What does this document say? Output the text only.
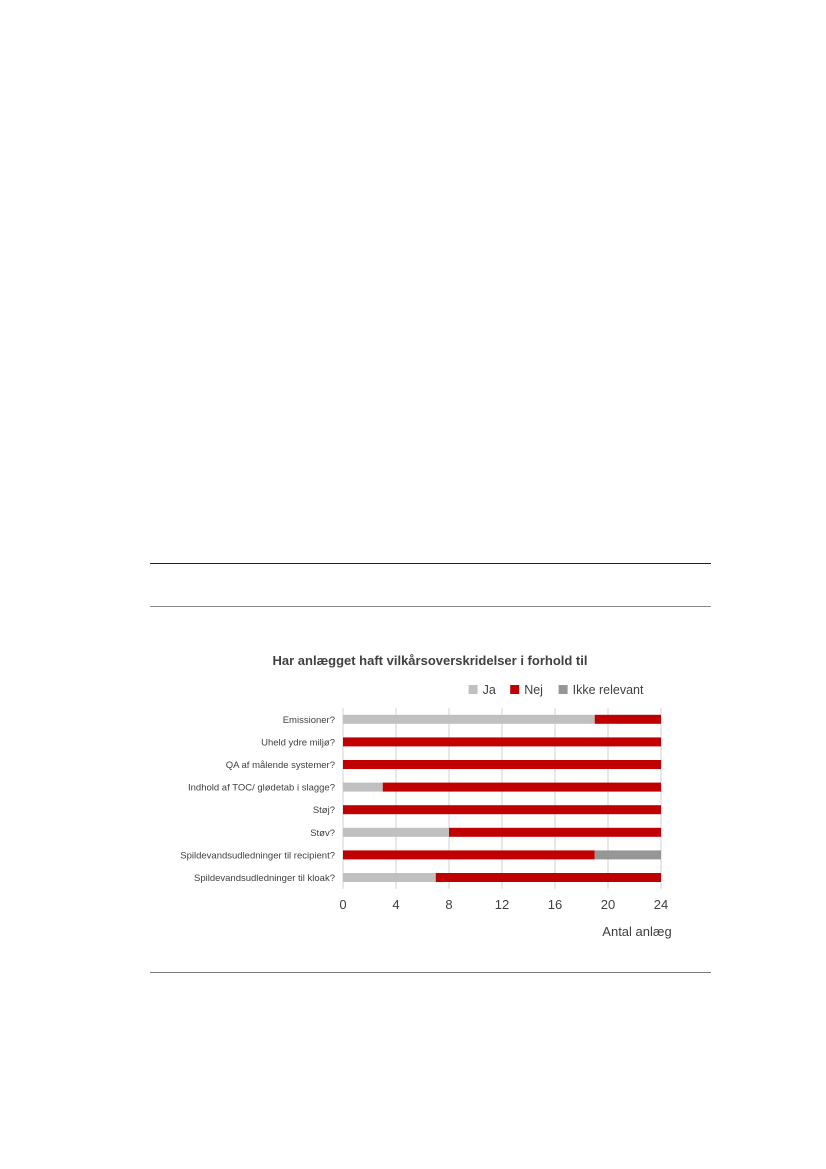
Har anlægget haft vilkårsoverskridelser i forhold til
Ja Nej Ikke relevant
Emissioner?
Uheld ydre miljø?
QA af målende systemer?
Indhold af TOC/ glødetab i slagge?
Støj?
Støv?
Spildevandsudledninger til recipient?
Spildevandsudledninger til kloak?
0	4	8	12	16	20	24
Antal anlæg
